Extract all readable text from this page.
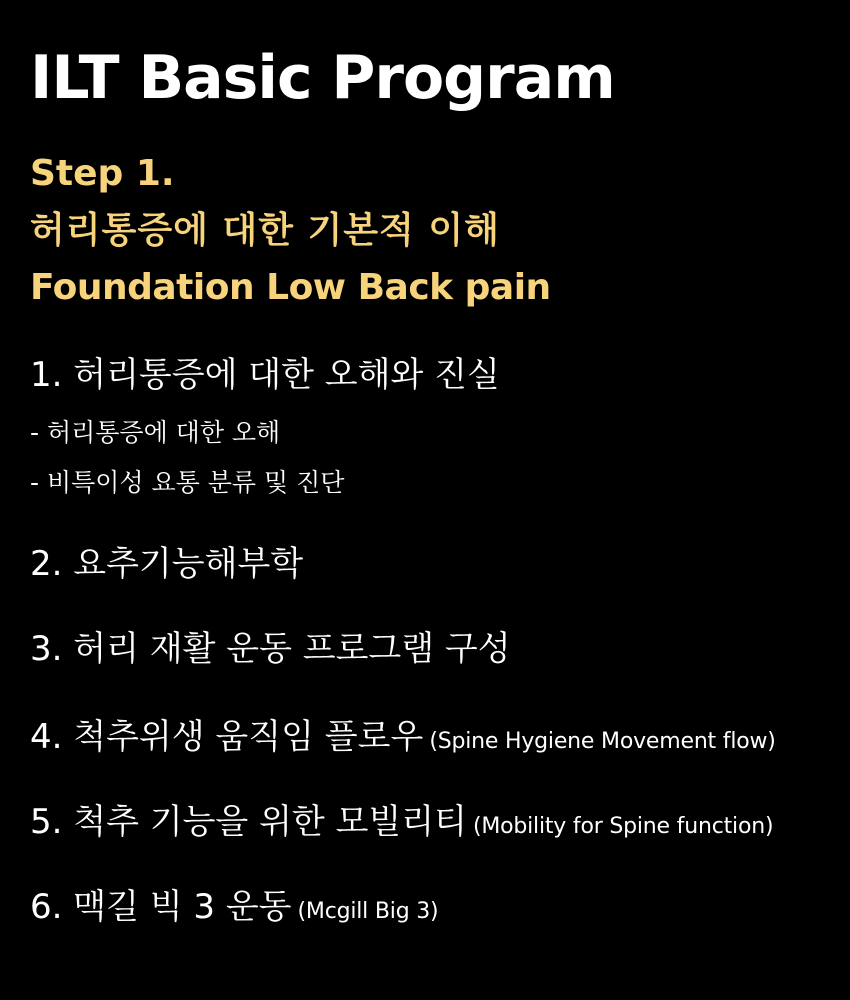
ILT Basic Program
Step 1.
허리통증에 대한 기본적 이해
Foundation Low Back pain
1. 허리통증에 대한 오해와 진실
- 허리통증에 대한 오해
- 비특이성 요통 분류 및 진단
2. 요추기능해부학
3. 허리 재활 운동 프로그램 구성
4. 척추위생 움직임 플로우 (Spine Hygiene Movement flow)
5. 척추 기능을 위한 모빌리티 (Mobility for Spine function)
6. 맥길 빅 3 운동 (Mcgill Big 3)
